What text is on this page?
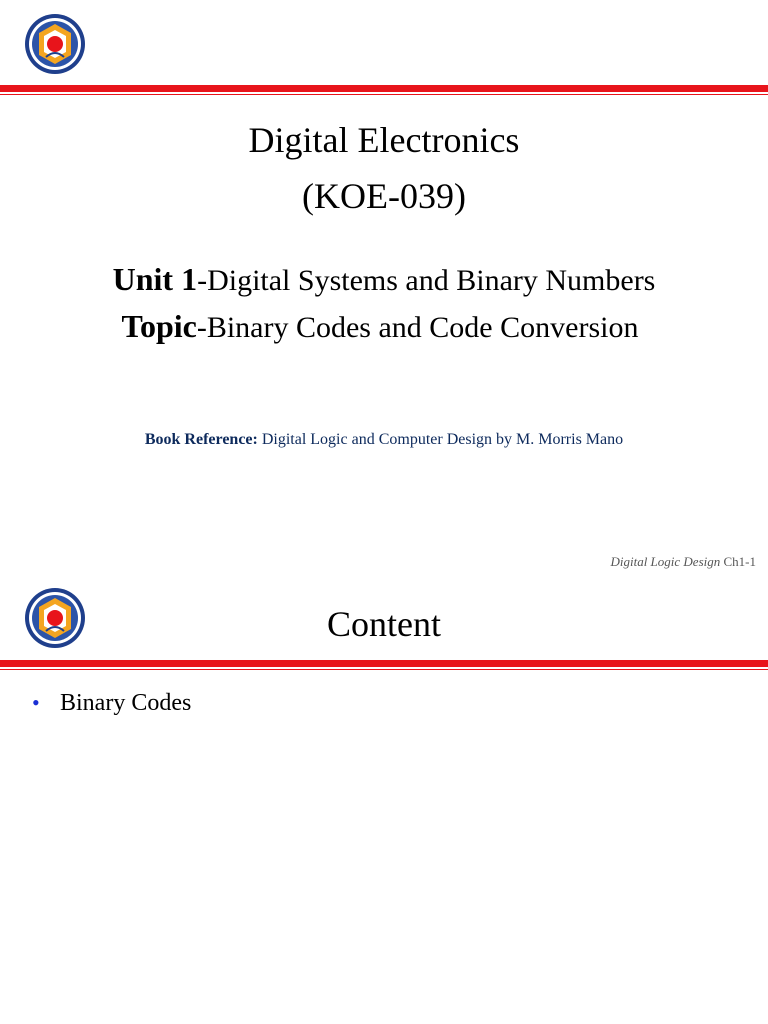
Digital Electronics
(KOE-039)
Unit 1-Digital Systems and Binary Numbers
Topic-Binary Codes and Code Conversion
Book Reference: Digital Logic and Computer Design by M. Morris Mano
Digital Logic Design Ch1-1
Content
• Binary Codes
